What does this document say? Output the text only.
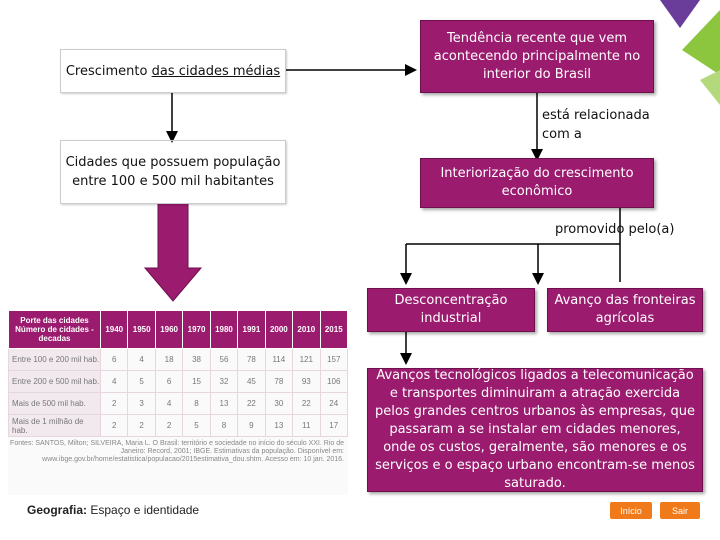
Crescimento das cidades médias
Tendência recente que vem acontecendo principalmente no interior do Brasil
Cidades que possuem população entre 100 e 500 mil habitantes
está relacionada com a
Interiorização do crescimento econômico
promovido pelo(a)
Desconcentração industrial
Avanço das fronteiras agrícolas
Avanços tecnológicos ligados a telecomunicação e transportes diminuiram a atração exercida pelos grandes centros urbanos às empresas, que passaram a se instalar em cidades menores, onde os custos, geralmente, são menores e os serviços e o espaço urbano encontram-se menos saturado.
Porte das cidades Número de cidades - decadas	1940	1950	1960	1970	1980	1991	2000	2010	2015
Entre 100 e 200 mil hab.	6	4	18	38	56	78	114	121	157
Entre 200 e 500 mil hab.	4	5	6	15	32	45	78	93	106
Mais de 500 mil hab.	2	3	4	8	13	22	30	22	24
Mais de 1 milhão de hab.	2	2	2	5	8	9	13	11	17
Fontes: SANTOS, Milton; SILVEIRA, Maria L. O Brasil: território e sociedade no início do século XXI. Rio de Janeiro: Record, 2001; IBGE. Estimativas da população. Disponível em: www.ibge.gov.br/home/estatistica/populacao/2015estimativa_dou.shtm. Acesso em: 10 jan. 2016.
Geografia: Espaço e identidade	Início	Sair
